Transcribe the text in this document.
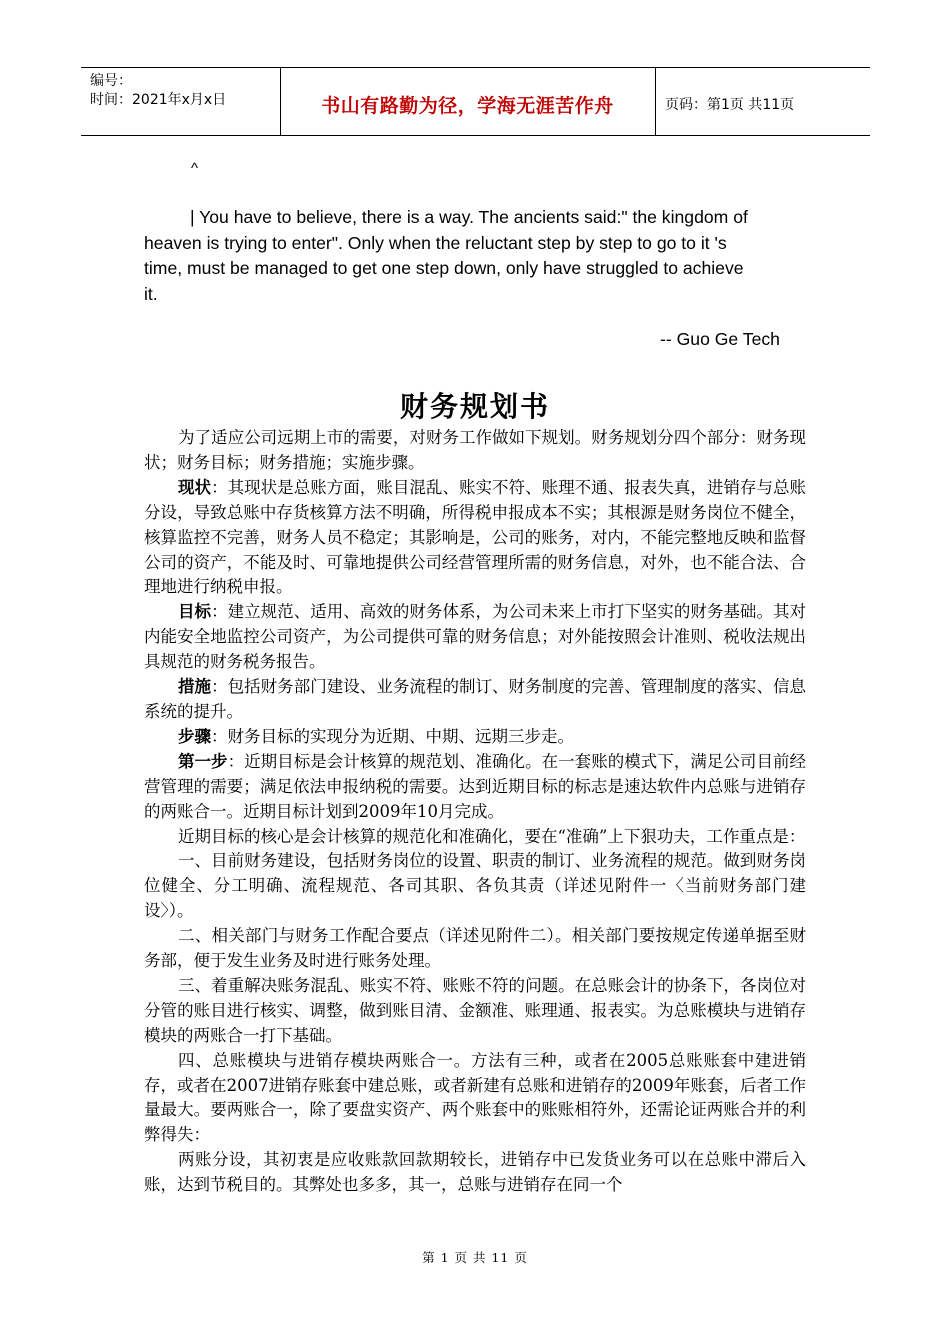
编号：
时间：2021年x月x日	书山有路勤为径，学海无涯苦作舟	页码：第1页 共11页
^
| You have to believe, there is a way. The ancients said:" the kingdom of
heaven is trying to enter". Only when the reluctant step by step to go to it 's
time, must be managed to get one step down, only have struggled to achieve
it.
-- Guo Ge Tech
财务规划书

为了适应公司远期上市的需要，对财务工作做如下规划。财务规划分四个部分：财务现状；财务目标；财务措施；实施步骤。

现状：其现状是总账方面，账目混乱、账实不符、账理不通、报表失真，进销存与总账分设，导致总账中存货核算方法不明确，所得税申报成本不实；其根源是财务岗位不健全，核算监控不完善，财务人员不稳定；其影响是，公司的账务，对内，不能完整地反映和监督公司的资产，不能及时、可靠地提供公司经营管理所需的财务信息，对外，也不能合法、合理地进行纳税申报。

目标：建立规范、适用、高效的财务体系，为公司未来上市打下坚实的财务基础。其对内能安全地监控公司资产，为公司提供可靠的财务信息；对外能按照会计准则、税收法规出具规范的财务税务报告。

措施：包括财务部门建设、业务流程的制订、财务制度的完善、管理制度的落实、信息系统的提升。

步骤：财务目标的实现分为近期、中期、远期三步走。

第一步：近期目标是会计核算的规范划、准确化。在一套账的模式下，满足公司目前经营管理的需要；满足依法申报纳税的需要。达到近期目标的标志是速达软件内总账与进销存的两账合一。近期目标计划到2009年10月完成。

近期目标的核心是会计核算的规范化和准确化，要在“准确”上下狠功夫，工作重点是：

一、目前财务建设，包括财务岗位的设置、职责的制订、业务流程的规范。做到财务岗位健全、分工明确、流程规范、各司其职、各负其责（详述见附件一〈当前财务部门建设〉）。

二、相关部门与财务工作配合要点（详述见附件二）。相关部门要按规定传递单据至财务部，便于发生业务及时进行账务处理。

三、着重解决账务混乱、账实不符、账账不符的问题。在总账会计的协条下，各岗位对分管的账目进行核实、调整，做到账目清、金额准、账理通、报表实。为总账模块与进销存模块的两账合一打下基础。

四、总账模块与进销存模块两账合一。方法有三种，或者在2005总账账套中建进销存，或者在2007进销存账套中建总账，或者新建有总账和进销存的2009年账套，后者工作量最大。要两账合一，除了要盘实资产、两个账套中的账账相符外，还需论证两账合并的利弊得失：

两账分设，其初衷是应收账款回款期较长，进销存中已发货业务可以在总账中滞后入账，达到节税目的。其弊处也多多，其一，总账与进销存在同一个

第 1 页 共 11 页
